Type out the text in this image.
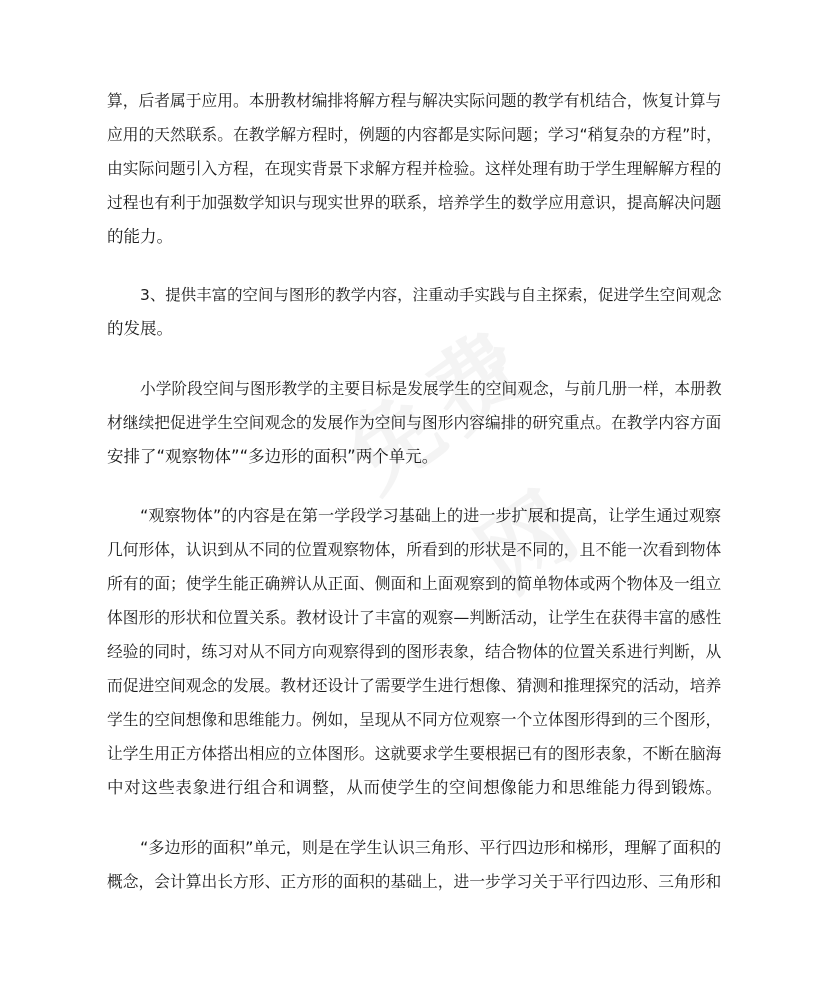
算，后者属于应用。本册教材编排将解方程与解决实际问题的教学有机结合，恢复计算与
应用的天然联系。在教学解方程时，例题的内容都是实际问题；学习“稍复杂的方程”时，
由实际问题引入方程，在现实背景下求解方程并检验。这样处理有助于学生理解解方程的
过程也有利于加强数学知识与现实世界的联系，培养学生的数学应用意识，提高解决问题
的能力。
3、提供丰富的空间与图形的教学内容，注重动手实践与自主探索，促进学生空间观念
的发展。
小学阶段空间与图形教学的主要目标是发展学生的空间观念，与前几册一样，本册教
材继续把促进学生空间观念的发展作为空间与图形内容编排的研究重点。在教学内容方面
安排了“观察物体”“多边形的面积”两个单元。
“观察物体”的内容是在第一学段学习基础上的进一步扩展和提高，让学生通过观察
几何形体，认识到从不同的位置观察物体，所看到的形状是不同的，且不能一次看到物体
所有的面；使学生能正确辨认从正面、侧面和上面观察到的简单物体或两个物体及一组立
体图形的形状和位置关系。教材设计了丰富的观察—判断活动，让学生在获得丰富的感性
经验的同时，练习对从不同方向观察得到的图形表象，结合物体的位置关系进行判断，从
而促进空间观念的发展。教材还设计了需要学生进行想像、猜测和推理探究的活动，培养
学生的空间想像和思维能力。例如，呈现从不同方位观察一个立体图形得到的三个图形，
让学生用正方体搭出相应的立体图形。这就要求学生要根据已有的图形表象，不断在脑海
中对这些表象进行组合和调整，从而使学生的空间想像能力和思维能力得到锻炼。
“多边形的面积”单元，则是在学生认识三角形、平行四边形和梯形，理解了面积的
概念，会计算出长方形、正方形的面积的基础上，进一步学习关于平行四边形、三角形和
